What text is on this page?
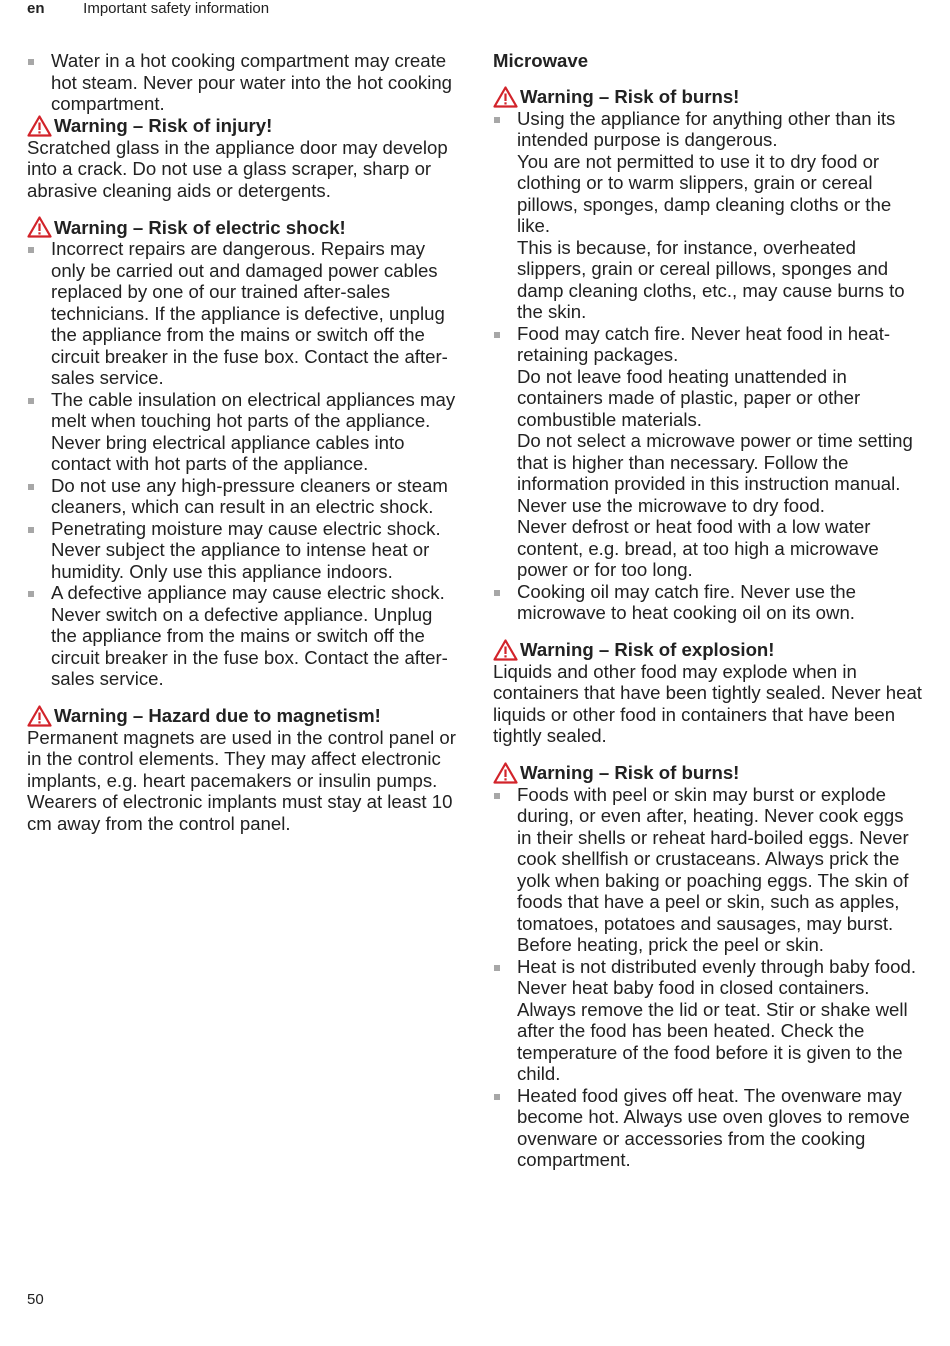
en	Important safety information
Water in a hot cooking compartment may create hot steam. Never pour water into the hot cooking compartment.
Warning – Risk of injury!

Scratched glass in the appliance door may develop into a crack. Do not use a glass scraper, sharp or abrasive cleaning aids or detergents.

Warning – Risk of electric shock!
Incorrect repairs are dangerous. Repairs may only be carried out and damaged power cables replaced by one of our trained after-sales technicians. If the appliance is defective, unplug the appliance from the mains or switch off the circuit breaker in the fuse box. Contact the after-sales service.
The cable insulation on electrical appliances may melt when touching hot parts of the appliance. Never bring electrical appliance cables into contact with hot parts of the appliance.
Do not use any high-pressure cleaners or steam cleaners, which can result in an electric shock.
Penetrating moisture may cause electric shock. Never subject the appliance to intense heat or humidity. Only use this appliance indoors.
A defective appliance may cause electric shock. Never switch on a defective appliance. Unplug the appliance from the mains or switch off the circuit breaker in the fuse box. Contact the after-sales service.
Warning – Hazard due to magnetism!

Permanent magnets are used in the control panel or in the control elements. They may affect electronic implants, e.g. heart pacemakers or insulin pumps. Wearers of electronic implants must stay at least 10 cm away from the control panel.

Microwave
Warning – Risk of burns!
Using the appliance for anything other than its intended purpose is dangerous.
You are not permitted to use it to dry food or clothing or to warm slippers, grain or cereal pillows, sponges, damp cleaning cloths or the like.
This is because, for instance, overheated slippers, grain or cereal pillows, sponges and damp cleaning cloths, etc., may cause burns to the skin.
Food may catch fire. Never heat food in heat-retaining packages.
Do not leave food heating unattended in containers made of plastic, paper or other combustible materials.
Do not select a microwave power or time setting that is higher than necessary. Follow the information provided in this instruction manual.
Never use the microwave to dry food.
Never defrost or heat food with a low water content, e.g. bread, at too high a microwave power or for too long.
Cooking oil may catch fire. Never use the microwave to heat cooking oil on its own.
Warning – Risk of explosion!

Liquids and other food may explode when in containers that have been tightly sealed. Never heat liquids or other food in containers that have been tightly sealed.

Warning – Risk of burns!
Foods with peel or skin may burst or explode during, or even after, heating. Never cook eggs in their shells or reheat hard-boiled eggs. Never cook shellfish or crustaceans. Always prick the yolk when baking or poaching eggs. The skin of foods that have a peel or skin, such as apples, tomatoes, potatoes and sausages, may burst. Before heating, prick the peel or skin.
Heat is not distributed evenly through baby food. Never heat baby food in closed containers. Always remove the lid or teat. Stir or shake well after the food has been heated. Check the temperature of the food before it is given to the child.
Heated food gives off heat. The ovenware may become hot. Always use oven gloves to remove ovenware or accessories from the cooking compartment.
50
